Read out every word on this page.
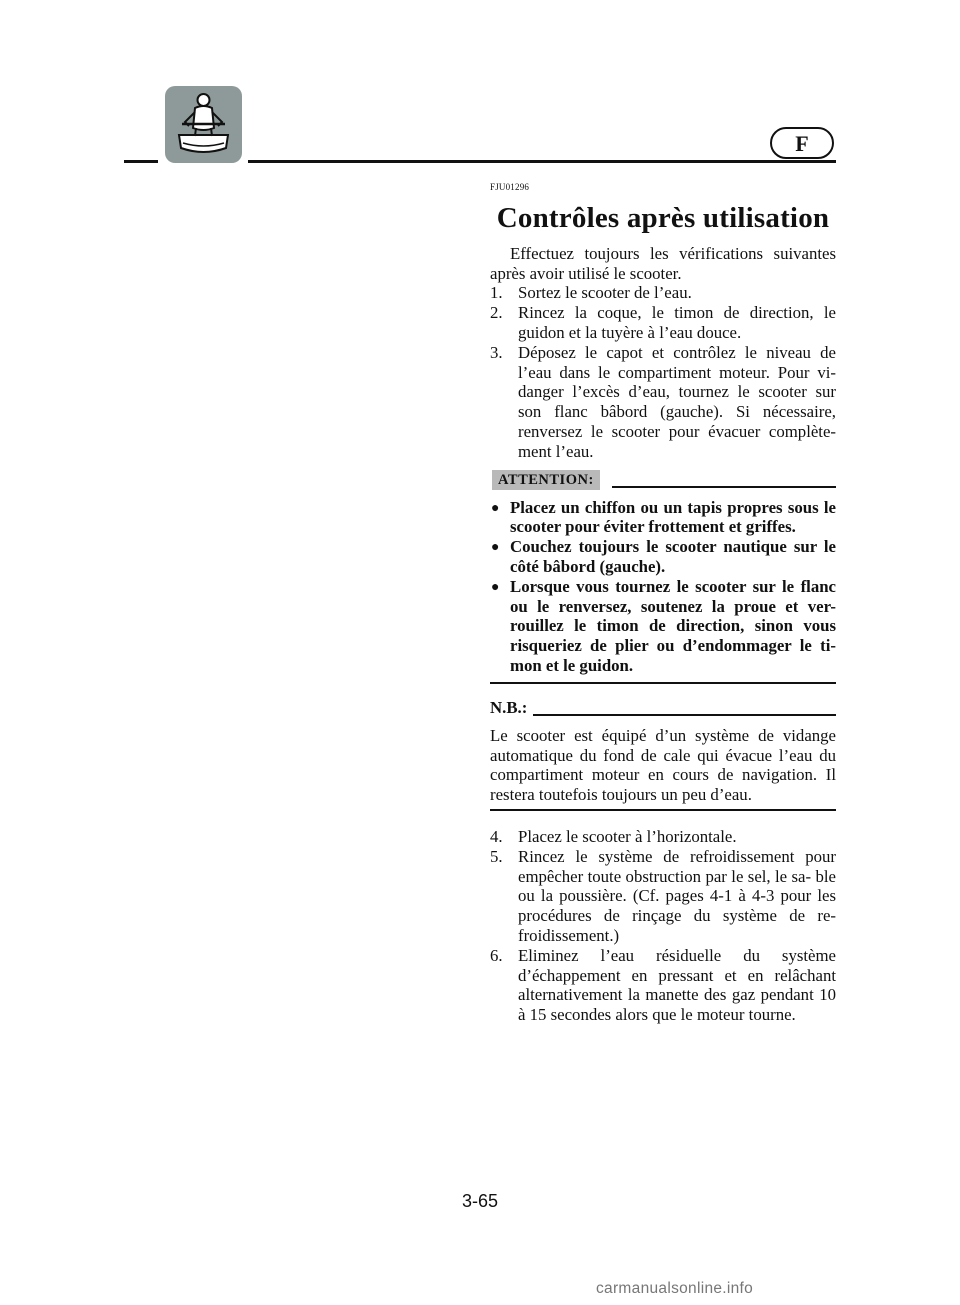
F
FJU01296
Contrôles après utilisation

Effectuez toujours les vérifications suivantes après avoir utilisé le scooter.

1. Sortez le scooter de l’eau.
2. Rincez la coque, le timon de direction, le guidon et la tuyère à l’eau douce.
3. Déposez le capot et contrôlez le niveau de l’eau dans le compartiment moteur. Pour vi- danger l’excès d’eau, tournez le scooter sur son flanc bâbord (gauche). Si nécessaire, renversez le scooter pour évacuer complète- ment l’eau.
ATTENTION:
● Placez un chiffon ou un tapis propres sous le scooter pour éviter frottement et griffes.
● Couchez toujours le scooter nautique sur le côté bâbord (gauche).
● Lorsque vous tournez le scooter sur le flanc ou le renversez, soutenez la proue et ver- rouillez le timon de direction, sinon vous risqueriez de plier ou d’endommager le ti- mon et le guidon.
N.B.:

Le scooter est équipé d’un système de vidange automatique du fond de cale qui évacue l’eau du compartiment moteur en cours de navigation. Il restera toutefois toujours un peu d’eau.

4. Placez le scooter à l’horizontale.
5. Rincez le système de refroidissement pour empêcher toute obstruction par le sel, le sa- ble ou la poussière. (Cf. pages 4-1 à 4-3 pour les procédures de rinçage du système de re- froidissement.)
6. Eliminez l’eau résiduelle du système d’échappement en pressant et en relâchant alternativement la manette des gaz pendant 10 à 15 secondes alors que le moteur tourne.
3-65
carmanualsonline.info
